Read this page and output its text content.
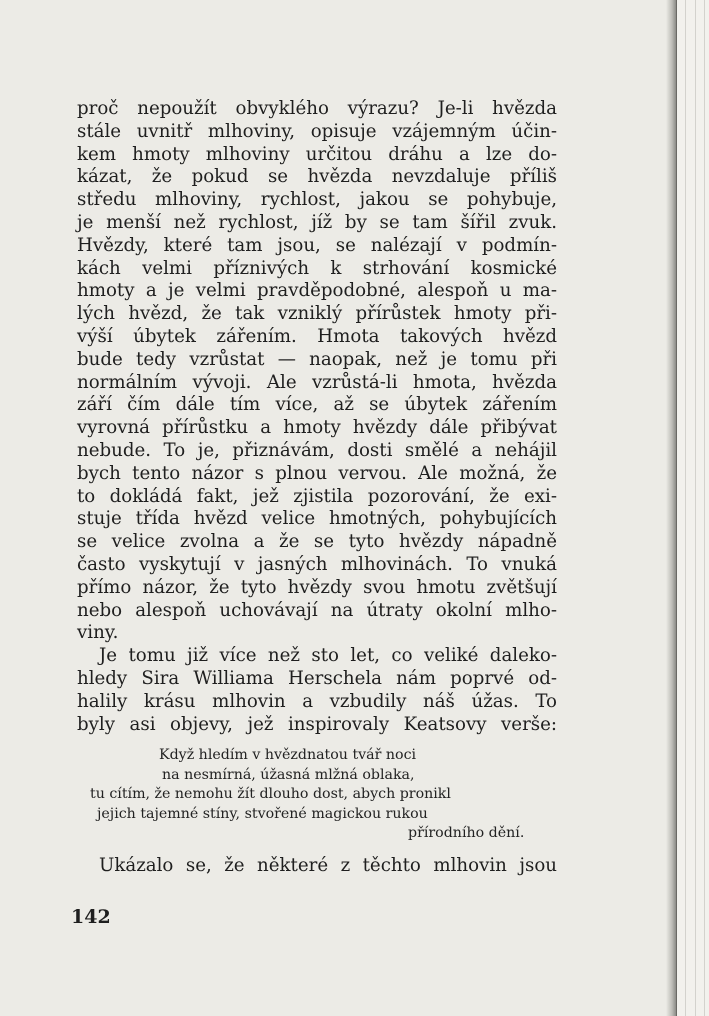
proč nepoužít obvyklého výrazu? Je-li hvězda
stále uvnitř mlhoviny, opisuje vzájemným účin-
kem hmoty mlhoviny určitou dráhu a lze do-
kázat, že pokud se hvězda nevzdaluje příliš
středu mlhoviny, rychlost, jakou se pohybuje,
je menší než rychlost, jíž by se tam šířil zvuk.
Hvězdy, které tam jsou, se nalézají v podmín-
kách velmi příznivých k strhování kosmické
hmoty a je velmi pravděpodobné, alespoň u ma-
lých hvězd, že tak vzniklý přírůstek hmoty při-
výší úbytek zářením. Hmota takových hvězd
bude tedy vzrůstat — naopak, než je tomu při
normálním vývoji. Ale vzrůstá-li hmota, hvězda
září čím dále tím více, až se úbytek zářením
vyrovná přírůstku a hmoty hvězdy dále přibývat
nebude. To je, přiznávám, dosti smělé a nehájil
bych tento názor s plnou vervou. Ale možná, že
to dokládá fakt, jež zjistila pozorování, že exi-
stuje třída hvězd velice hmotných, pohybujících
se velice zvolna a že se tyto hvězdy nápadně
často vyskytují v jasných mlhovinách. To vnuká
přímo názor, že tyto hvězdy svou hmotu zvětšují
nebo alespoň uchovávají na útraty okolní mlho-
viny.

Je tomu již více než sto let, co veliké daleko-
hledy Sira Williama Herschela nám poprvé od-
halily krásu mlhovin a vzbudily náš úžas. To
byly asi objevy, jež inspirovaly Keatsovy verše:

Když hledím v hvězdnatou tvář noci
na nesmírná, úžasná mlžná oblaka,
tu cítím, že nemohu žít dlouho dost, abych pronikl
jejich tajemné stíny, stvořené magickou rukou
přírodního dění.

Ukázalo se, že některé z těchto mlhovin jsou

142
